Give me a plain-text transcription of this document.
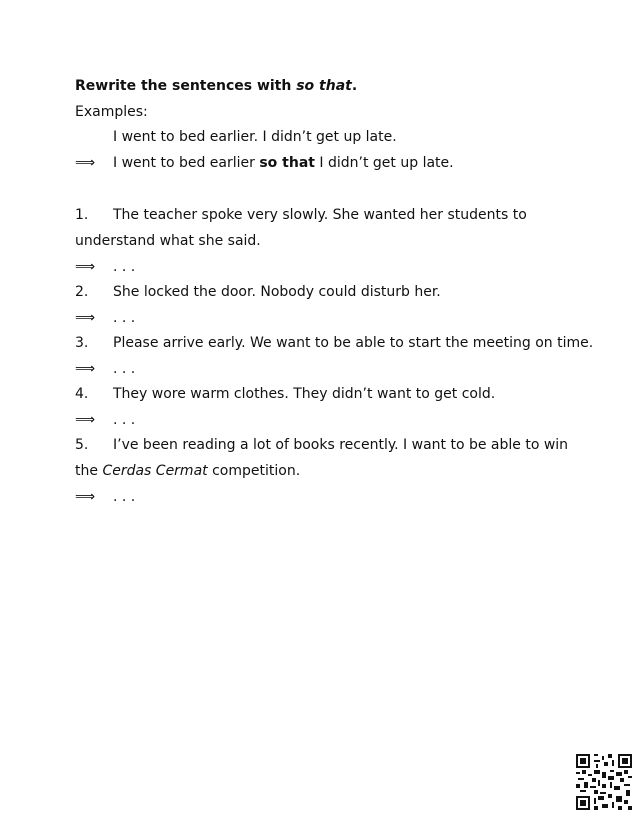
Rewrite the sentences with so that.
Examples:
I went to bed earlier. I didn’t get up late.
⟹	I went to bed earlier so that I didn’t get up late.
1.	The teacher spoke very slowly. She wanted her students to
understand what she said.
⟹	. . .
2.	She locked the door. Nobody could disturb her.
⟹	. . .
3.	Please arrive early. We want to be able to start the meeting on time.
⟹	. . .
4.	They wore warm clothes. They didn’t want to get cold.
⟹	. . .
5.	I’ve been reading a lot of books recently. I want to be able to win
the Cerdas Cermat competition.
⟹	. . .
